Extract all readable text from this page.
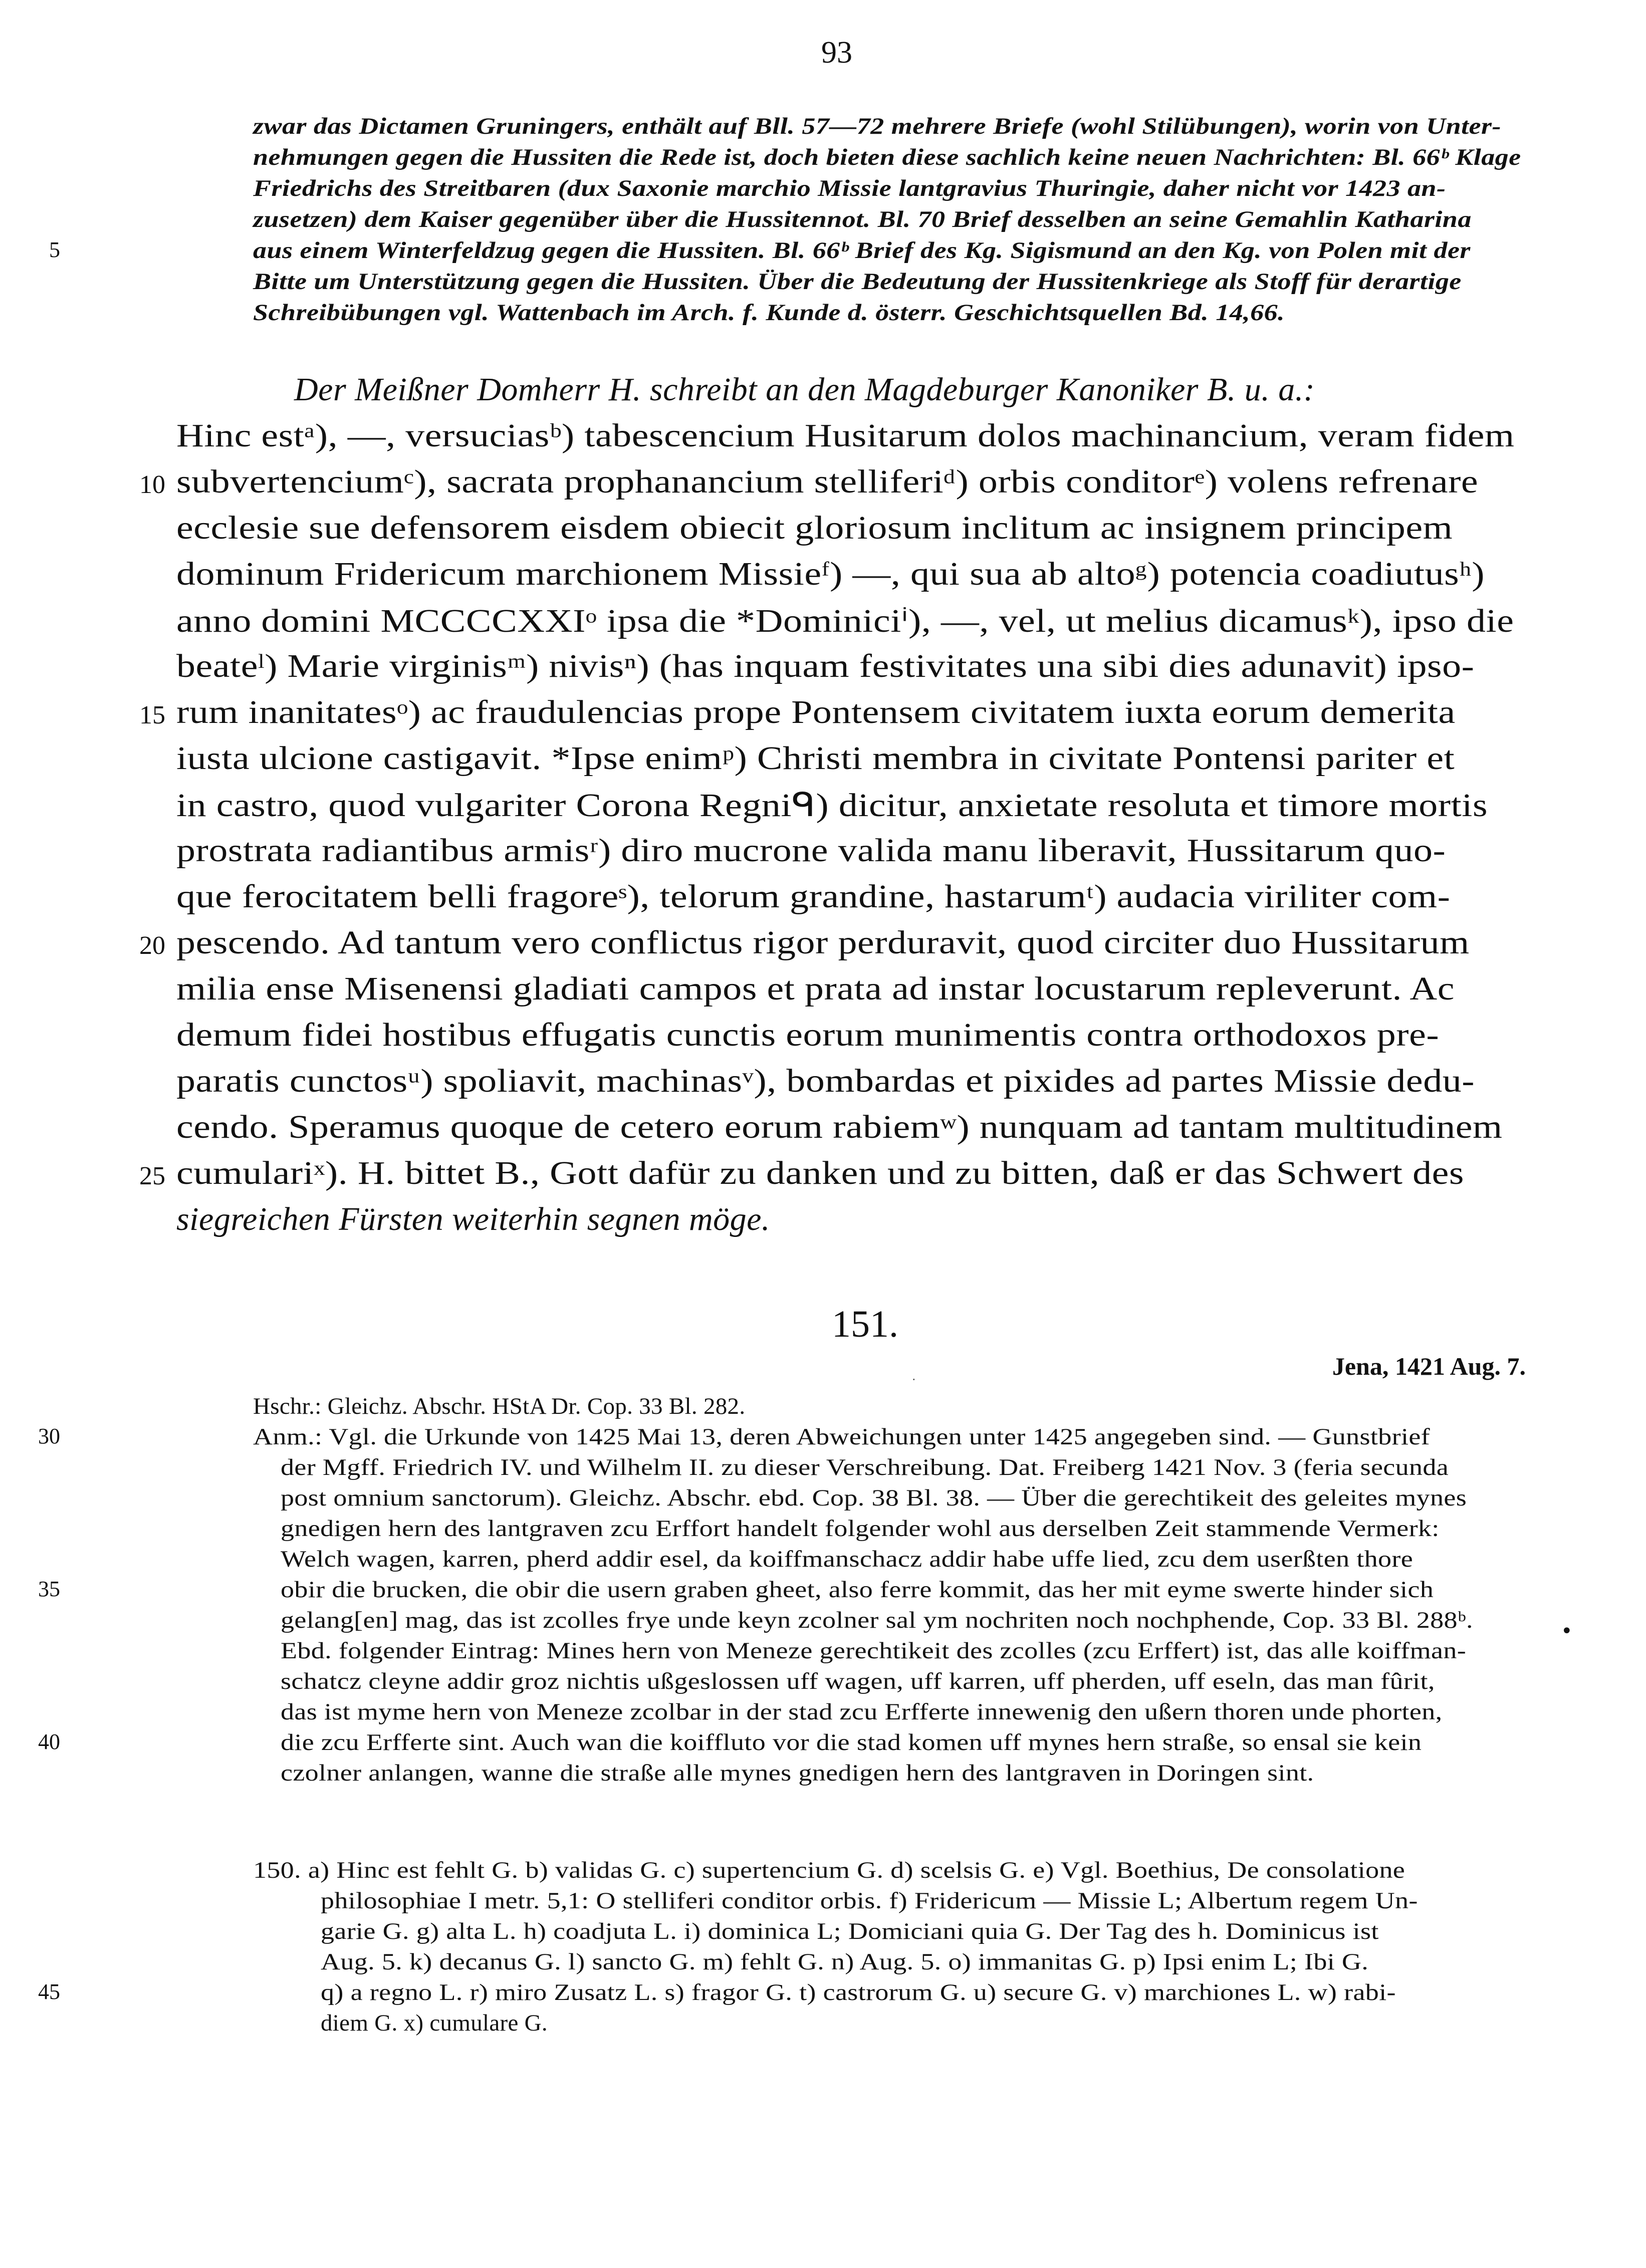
93
zwar das Dictamen Gruningers, enthält auf Bll. 57—72 mehrere Briefe (wohl Stilübungen), worin von Unter-
nehmungen gegen die Hussiten die Rede ist, doch bieten diese sachlich keine neuen Nachrichten: Bl. 66ᵇ Klage
Friedrichs des Streitbaren (dux Saxonie marchio Missie lantgravius Thuringie, daher nicht vor 1423 an-
zusetzen) dem Kaiser gegenüber über die Hussitennot. Bl. 70 Brief desselben an seine Gemahlin Katharina
5	aus einem Winterfeldzug gegen die Hussiten. Bl. 66ᵇ Brief des Kg. Sigismund an den Kg. von Polen mit der
Bitte um Unterstützung gegen die Hussiten. Über die Bedeutung der Hussitenkriege als Stoff für derartige
Schreibübungen vgl. Wattenbach im Arch. f. Kunde d. österr. Geschichtsquellen Bd. 14,66.
Der Meißner Domherr H. schreibt an den Magdeburger Kanoniker B. u. a.:
Hinc estᵃ), —, versuciasᵇ) tabescencium Husitarum dolos machinancium, veram fidem
10 subvertenciumᶜ), sacrata prophanancium stelliferiᵈ) orbis conditorᵉ) volens refrenare
ecclesie sue defensorem eisdem obiecit gloriosum inclitum ac insignem principem
dominum Fridericum marchionem Missieᶠ) —, qui sua ab altoᵍ) potencia coadiutusʰ)
anno domini MCCCCXXIᵒ ipsa die *Dominiciⁱ), —, vel, ut melius dicamusᵏ), ipso die
beateˡ) Marie virginisᵐ) nivisⁿ) (has inquam festivitates una sibi dies adunavit) ipso-
15 rum inanitatesᵒ) ac fraudulencias prope Pontensem civitatem iuxta eorum demerita
iusta ulcione castigavit. *Ipse enimᵖ) Christi membra in civitate Pontensi pariter et
in castro, quod vulgariter Corona Regniᑫ) dicitur, anxietate resoluta et timore mortis
prostrata radiantibus armisʳ) diro mucrone valida manu liberavit, Hussitarum quo-
que ferocitatem belli fragoreˢ), telorum grandine, hastarumᵗ) audacia viriliter com-
20 pescendo. Ad tantum vero conflictus rigor perduravit, quod circiter duo Hussitarum
milia ense Misenensi gladiati campos et prata ad instar locustarum repleverunt. Ac
demum fidei hostibus effugatis cunctis eorum munimentis contra orthodoxos pre-
paratis cunctosᵘ) spoliavit, machinasᵛ), bombardas et pixides ad partes Missie dedu-
cendo. Speramus quoque de cetero eorum rabiemʷ) nunquam ad tantam multitudinem
25 cumulariˣ). H. bittet B., Gott dafür zu danken und zu bitten, daß er das Schwert des
siegreichen Fürsten weiterhin segnen möge.
151.
Jena, 1421 Aug. 7.
·
Hschr.: Gleichz. Abschr. HStA Dr. Cop. 33 Bl. 282.
30	Anm.: Vgl. die Urkunde von 1425 Mai 13, deren Abweichungen unter 1425 angegeben sind. — Gunstbrief
der Mgff. Friedrich IV. und Wilhelm II. zu dieser Verschreibung. Dat. Freiberg 1421 Nov. 3 (feria secunda
post omnium sanctorum). Gleichz. Abschr. ebd. Cop. 38 Bl. 38. — Über die gerechtikeit des geleites mynes
gnedigen hern des lantgraven zcu Erffort handelt folgender wohl aus derselben Zeit stammende Vermerk:
Welch wagen, karren, pherd addir esel, da koiffmanschacz addir habe uffe lied, zcu dem userßten thore
35	obir die brucken, die obir die usern graben gheet, also ferre kommit, das her mit eyme swerte hinder sich
gelang[en] mag, das ist zcolles frye unde keyn zcolner sal ym nochriten noch nochphende, Cop. 33 Bl. 288ᵇ.
Ebd. folgender Eintrag: Mines hern von Meneze gerechtikeit des zcolles (zcu Erffert) ist, das alle koiffman-
schatcz cleyne addir groz nichtis ußgeslossen uff wagen, uff karren, uff pherden, uff eseln, das man fûrit,
das ist myme hern von Meneze zcolbar in der stad zcu Erfferte innewenig den ußern thoren unde phorten,
40	die zcu Erfferte sint. Auch wan die koiffluto vor die stad komen uff mynes hern straße, so ensal sie kein
czolner anlangen, wanne die straße alle mynes gnedigen hern des lantgraven in Doringen sint.
•
150. a) Hinc est fehlt G. b) validas G. c) supertencium G. d) scelsis G. e) Vgl. Boethius, De consolatione
philosophiae I metr. 5,1: O stelliferi conditor orbis. f) Fridericum — Missie L; Albertum regem Un-
garie G. g) alta L. h) coadjuta L. i) dominica L; Domiciani quia G. Der Tag des h. Dominicus ist
Aug. 5. k) decanus G. l) sancto G. m) fehlt G. n) Aug. 5. o) immanitas G. p) Ipsi enim L; Ibi G.
45	q) a regno L. r) miro Zusatz L. s) fragor G. t) castrorum G. u) secure G. v) marchiones L. w) rabi-
diem G. x) cumulare G.
